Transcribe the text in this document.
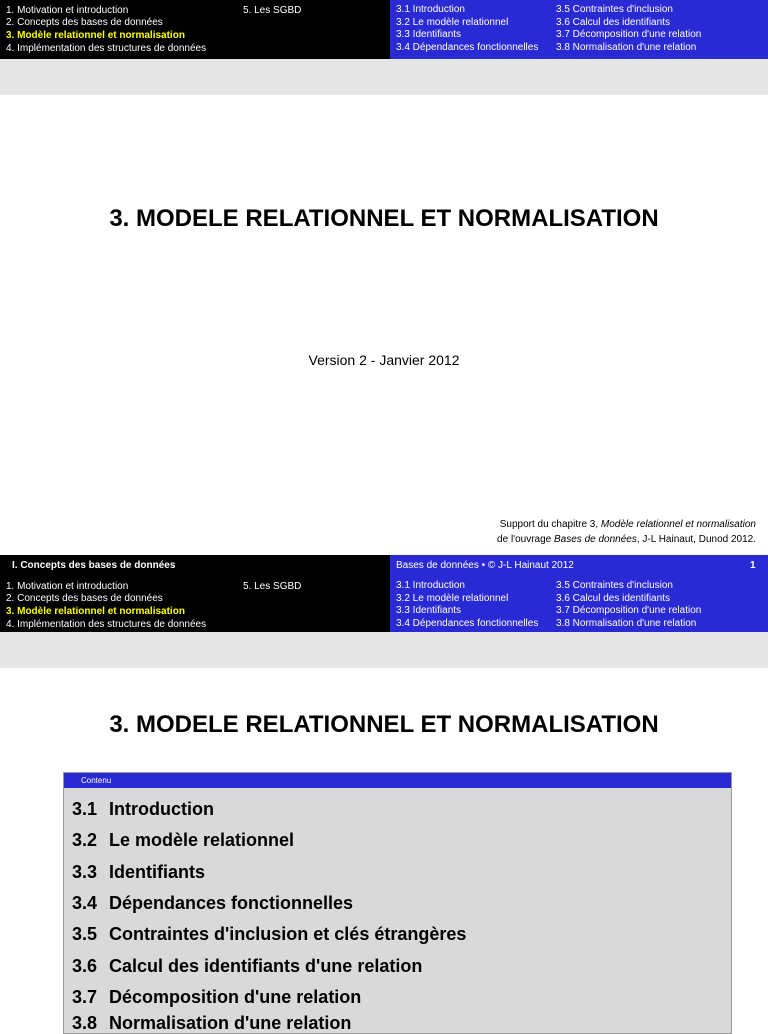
1. Motivation et introduction
2. Concepts des bases de données
3. Modèle relationnel et normalisation
4. Implémentation des structures de données
5. Les SGBD	3.1 Introduction
3.2 Le modèle relationnel
3.3 Identifiants
3.4 Dépendances fonctionnelles
3.5 Contraintes d'inclusion
3.6 Calcul des identifiants
3.7 Décomposition d'une relation
3.8 Normalisation d'une relation
3. MODELE RELATIONNEL ET NORMALISATION
Version 2 - Janvier 2012
Support du chapitre 3, Modèle relationnel et normalisation
de l'ouvrage Bases de données, J-L Hainaut, Dunod 2012.
I. Concepts des bases de données
1. Motivation et introduction
2. Concepts des bases de données
3. Modèle relationnel et normalisation
4. Implémentation des structures de données
5. Les SGBD
Bases de données • © J-L Hainaut 2012	1
3.1 Introduction
3.2 Le modèle relationnel
3.3 Identifiants
3.4 Dépendances fonctionnelles
3.5 Contraintes d'inclusion
3.6 Calcul des identifiants
3.7 Décomposition d'une relation
3.8 Normalisation d'une relation
3. MODELE RELATIONNEL ET NORMALISATION
Contenu
3.1 Introduction
3.2 Le modèle relationnel
3.3 Identifiants
3.4 Dépendances fonctionnelles
3.5 Contraintes d'inclusion et clés étrangères
3.6 Calcul des identifiants d'une relation
3.7 Décomposition d'une relation
3.8 Normalisation d'une relation
